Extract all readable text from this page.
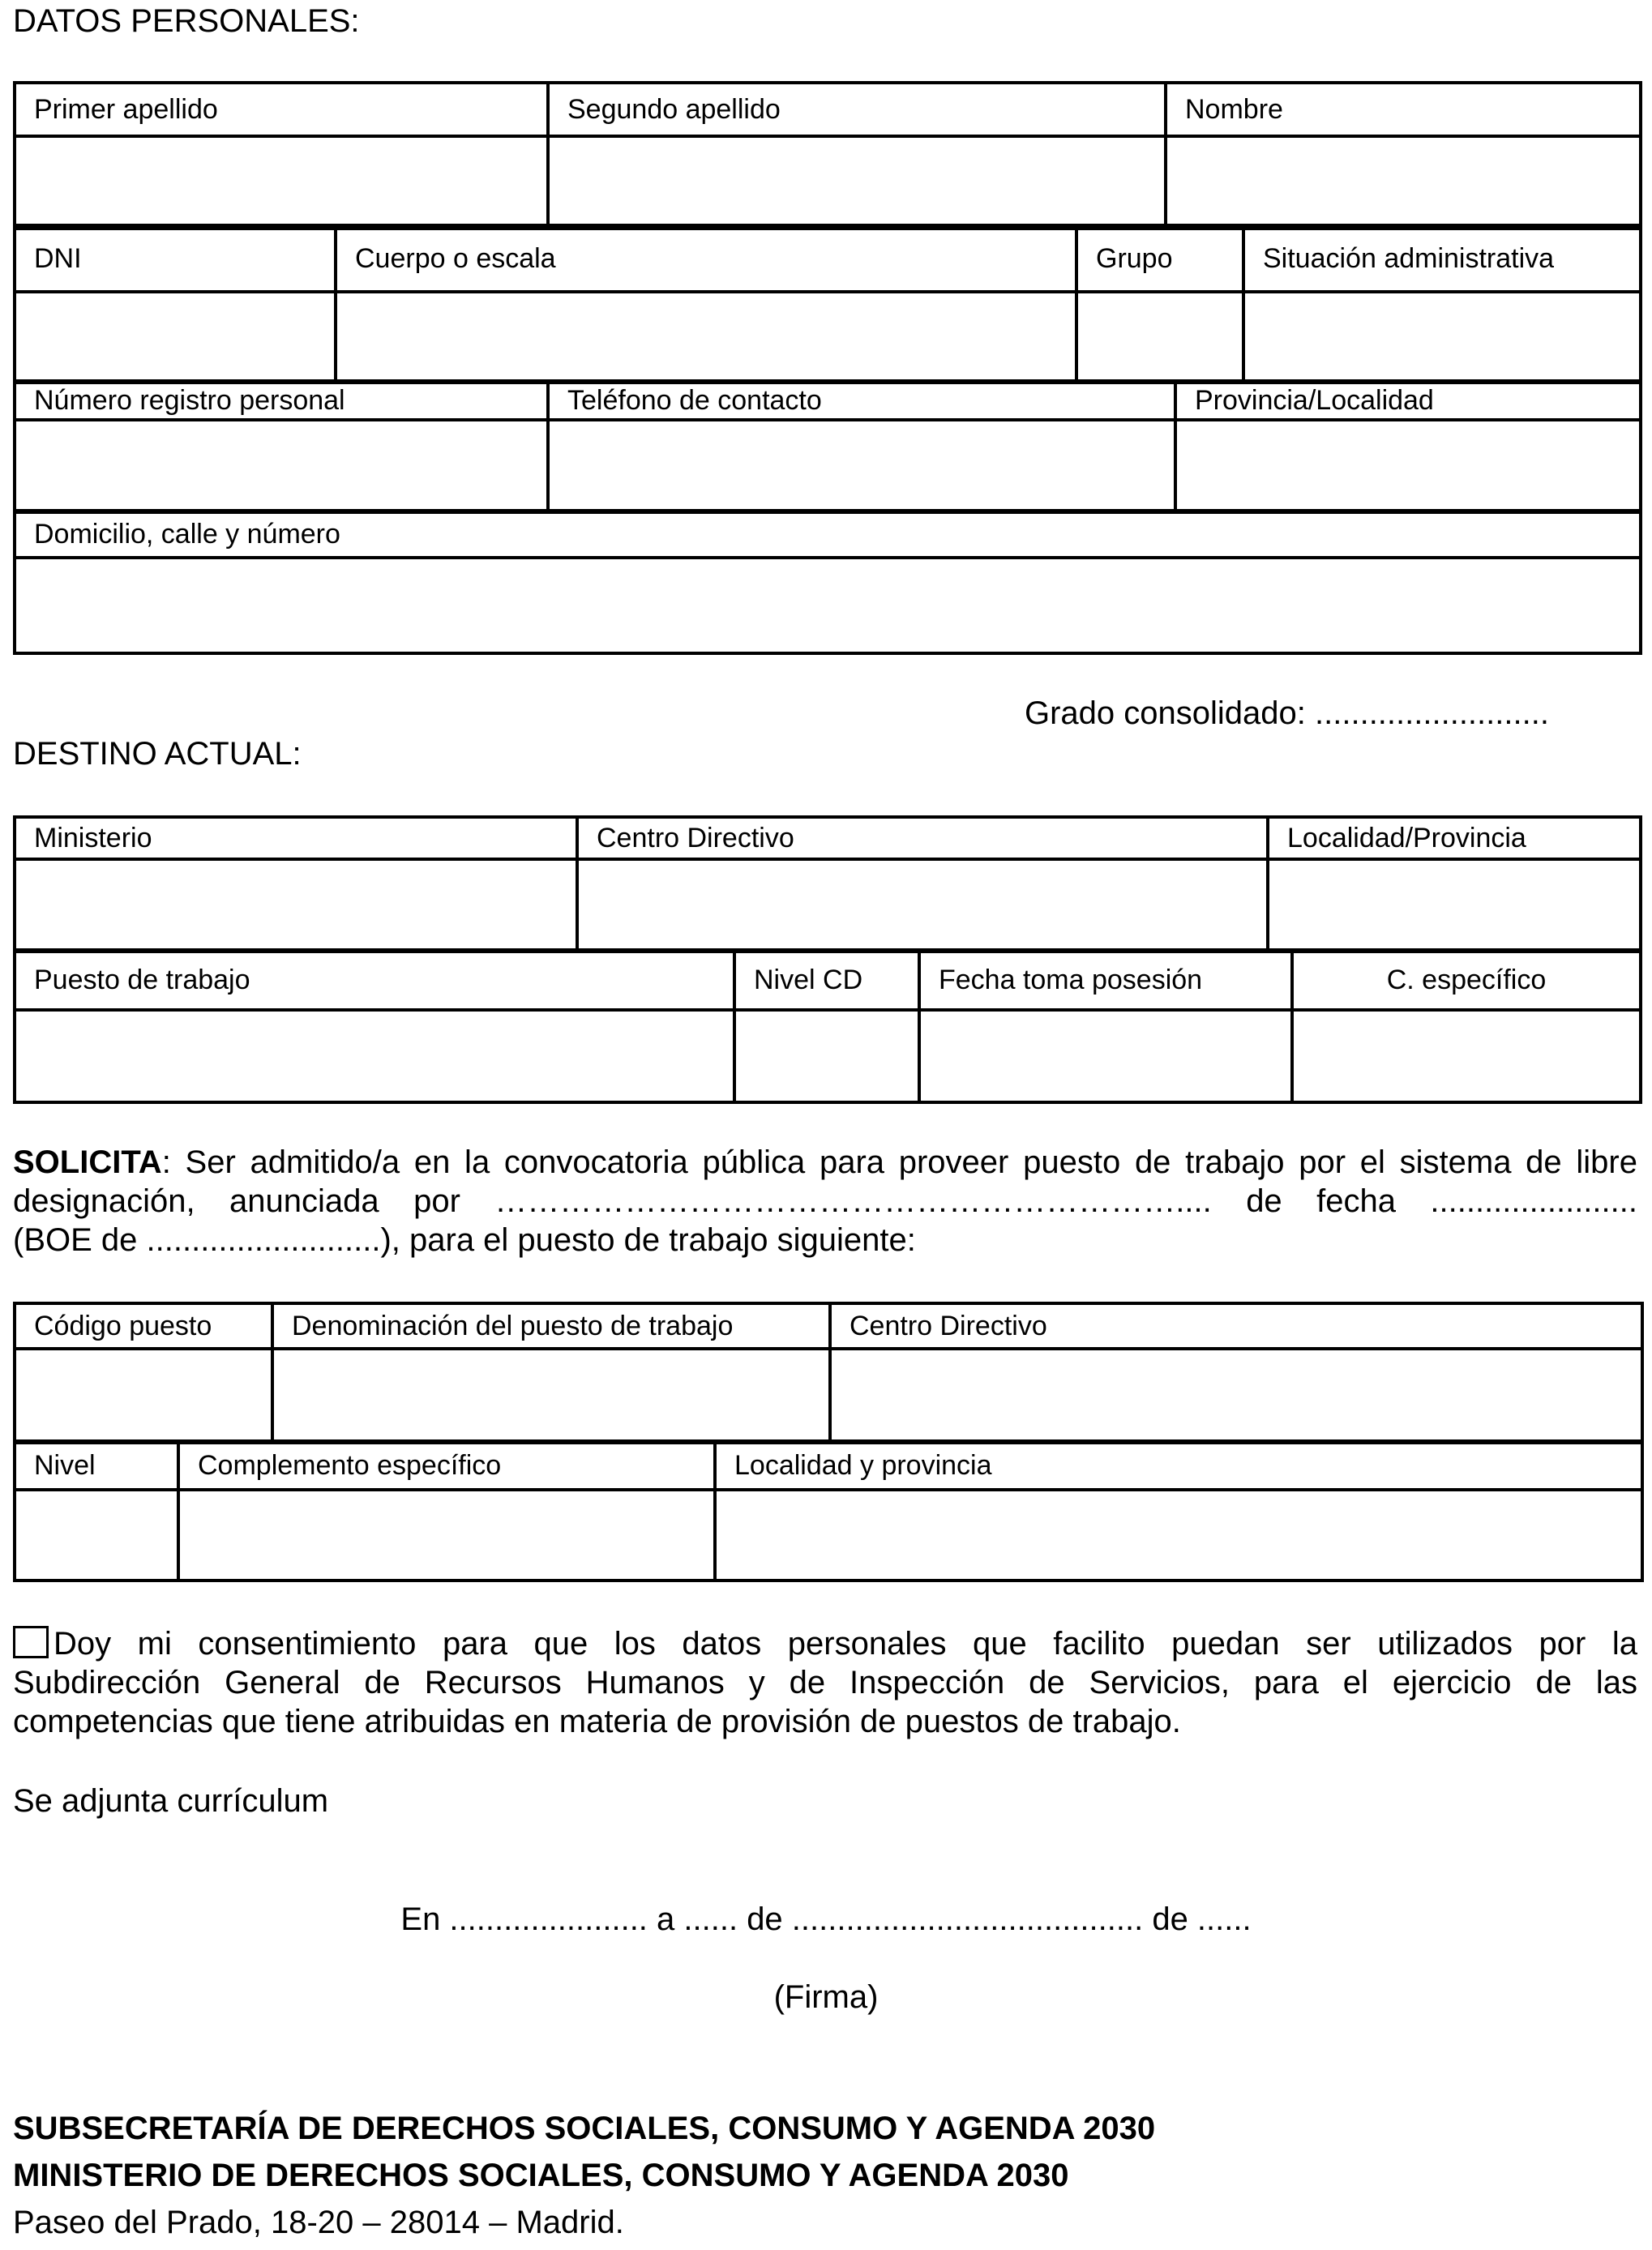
DATOS PERSONALES:
Primer apellido	Segundo apellido	Nombre

DNI	Cuerpo o escala	Grupo	Situación administrativa

Número registro personal	Teléfono de contacto	Provincia/Localidad

Domicilio, calle y número

Grado consolidado: ..........................
DESTINO ACTUAL:
Ministerio	Centro Directivo	Localidad/Provincia

Puesto de trabajo	Nivel CD	Fecha toma posesión	C. específico

SOLICITA: Ser admitido/a en la convocatoria pública para proveer puesto de trabajo por el sistema de libre
designación, anunciada por ……………………………………………………….... de fecha .......................
(BOE de ..........................), para el puesto de trabajo siguiente:
Código puesto	Denominación del puesto de trabajo	Centro Directivo

Nivel	Complemento específico	Localidad y provincia

Doy mi consentimiento para que los datos personales que facilito puedan ser utilizados por la
Subdirección General de Recursos Humanos y de Inspección de Servicios, para el ejercicio de las
competencias que tiene atribuidas en materia de provisión de puestos de trabajo.
Se adjunta currículum
En ...................... a ...... de ....................................... de ......
(Firma)
SUBSECRETARÍA DE DERECHOS SOCIALES, CONSUMO Y AGENDA 2030
MINISTERIO DE DERECHOS SOCIALES, CONSUMO Y AGENDA 2030
Paseo del Prado, 18-20 – 28014 – Madrid.
